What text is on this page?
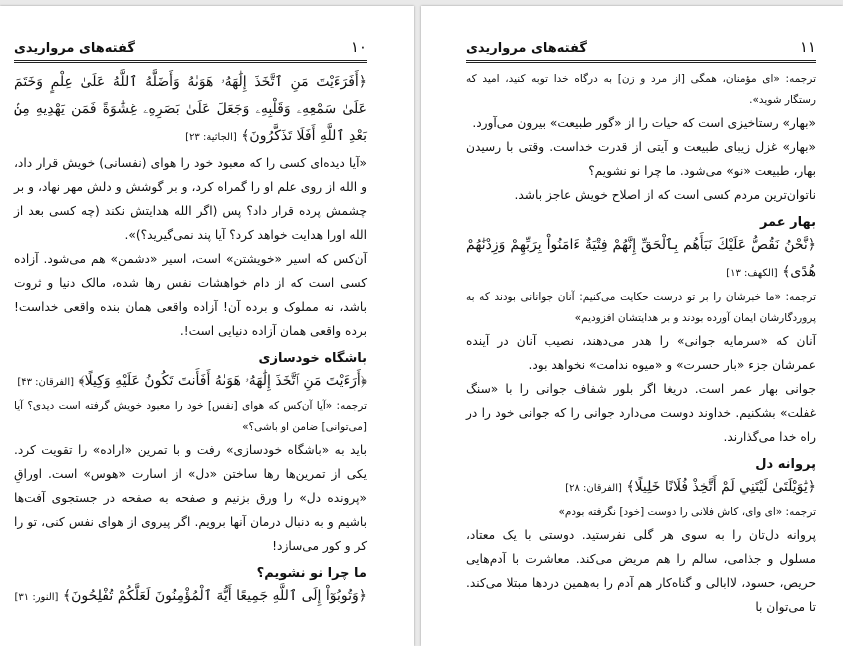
۱۰
گفته‌های مرواریدی

﴿أَفَرَءَيْتَ مَنِ ٱتَّخَذَ إِلَٰهَهُۥ هَوَىٰهُ وَأَضَلَّهُ ٱللَّهُ عَلَىٰ عِلْمٍ وَخَتَمَ عَلَىٰ سَمْعِهِۦ وَقَلْبِهِۦ وَجَعَلَ عَلَىٰ بَصَرِهِۦ غِشَٰوَةً فَمَن يَهْدِيهِ مِنۢ بَعْدِ ٱللَّهِ أَفَلَا تَذَكَّرُونَ﴾ [الجاثیة: ۲۳]

«آیا دیده‌ای کسی را که معبود خود را هوای (نفسانی) خویش قرار داد، و الله از روی علم او را گمراه کرد، و بر گوشش و دلش مهر نهاد، و بر چشمش پرده قرار داد؟ پس (اگر الله هدایتش نکند (چه کسی بعد از الله اورا هدایت خواهد کرد؟ آیا پند نمی‌گیرید؟)».

آن‌کس که اسیر «خویشتن» است، اسیر «دشمن» هم می‌شود. آزاده کسی است که از دام خواهشات نفس رها شده، مالک دنیا و ثروت باشد، نه مملوک و برده آن! آزاده واقعی همان بنده واقعی خداست! برده واقعی همان آزاده دنیایی است!.

باشگاه خودسازی

﴿أَرَءَيْتَ مَنِ ٱتَّخَذَ إِلَٰهَهُۥ هَوَىٰهُ أَفَأَنتَ تَكُونُ عَلَيْهِ وَكِيلًا﴾ [الفرقان: ۴۳]

ترجمه: «آیا آن‌کس که هوای [نفس] خود را معبود خویش گرفته است دیدی؟ آیا [می‌توانی] ضامن او باشی؟»

باید به «باشگاه خودسازی» رفت و با تمرین «اراده» را تقویت کرد. یکی از تمرین‌ها رها ساختن «دل» از اسارت «هوس» است. اوراقِ «پرونده دل» را ورق بزنیم و صفحه به صفحه در جستجوی آفت‌ها باشیم و به دنبال درمان آنها برویم. اگر پیروی از هوای نفس کنی، تو را کر و کور می‌سازد!

ما چرا نو نشویم؟

﴿وَتُوبُوٓاْ إِلَى ٱللَّهِ جَمِيعًا أَيُّهَ ٱلْمُؤْمِنُونَ لَعَلَّكُمْ تُفْلِحُونَ﴾ [النور: ۳۱]

۱۱
گفته‌های مرواریدی

ترجمه: «ای مؤمنان، همگی [از مرد و زن] به درگاه خدا توبه کنید، امید که رستگار شوید».

«بهار» رستاخیزی است که حیات را از «گور طبیعت» بیرون می‌آورد.

«بهار» غزل زیبای طبیعت و آیتی از قدرت خداست. وقتی با رسیدن بهار، طبیعت «نو» می‌شود. ما چرا نو نشویم؟

ناتوان‌ترین مردم کسی است که از اصلاح خویش عاجز باشد.

بهار عمر

﴿نَّحْنُ نَقُصُّ عَلَيْكَ نَبَأَهُم بِٱلْحَقِّ إِنَّهُمْ فِتْيَةٌ ءَامَنُواْ بِرَبِّهِمْ وَزِدْنَٰهُمْ هُدًى﴾ [الکهف: ۱۳]

ترجمه: «ما خبرشان را بر تو درست حکایت می‌کنیم: آنان جوانانی بودند که به پروردگارشان ایمان آورده بودند و بر هدایتشان افزودیم»

آنان که «سرمایه جوانی» را هدر می‌دهند، نصیب آنان در آینده عمرشان جزء «بار حسرت» و «میوه ندامت» نخواهد بود.

جوانی بهار عمر است. دریغا اگر بلور شفاف جوانی را با «سنگ غفلت» بشکنیم. خداوند دوست می‌دارد جوانی را که جوانی خود را در راه خدا می‌گذارند.

پروانه دل

﴿يَٰوَيْلَتَىٰ لَيْتَنِي لَمْ أَتَّخِذْ فُلَانًا خَلِيلًا﴾ [الفرقان: ۲۸]

ترجمه: «ای وای، کاش فلانی را دوست [خود] نگرفته بودم»

پروانه دل‌تان را به سوی هر گلی نفرستید. دوستی با یک معتاد، مسلول و جذامی، سالم را هم مریض می‌کند. معاشرت با آدم‌هایی حریص، حسود، لاابالی و گناه‌کار هم آدم را به‌همین دردها مبتلا می‌کند. تا می‌توان با
